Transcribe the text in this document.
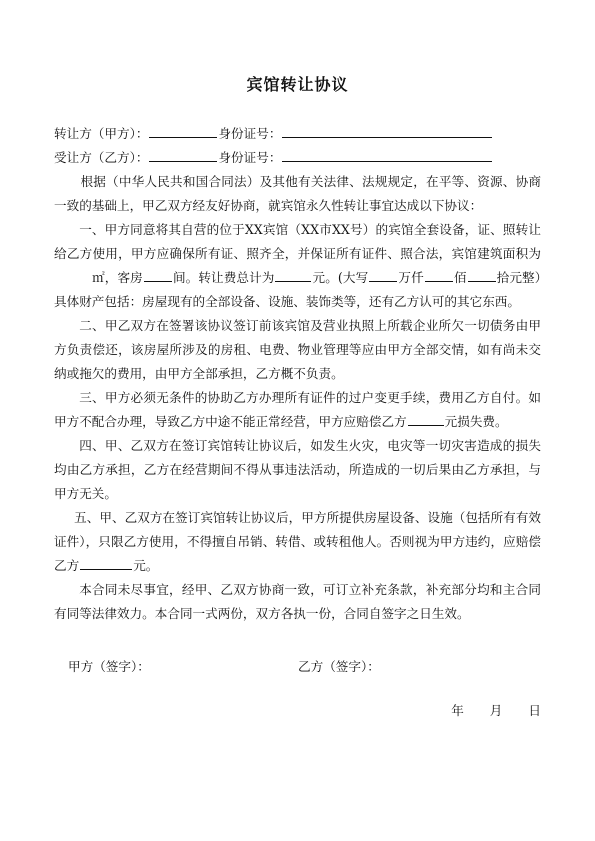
宾馆转让协议
转让方（甲方）：	身份证号：
受让方（乙方）：	身份证号：

根据（中华人民共和国合同法）及其他有关法律、法规规定，在平等、资源、协商一致的基础上，甲乙双方经友好协商，就宾馆永久性转让事宜达成以下协议：

一、甲方同意将其自营的位于XX宾馆（XX市XX号）的宾馆全套设备，证、照转让给乙方使用，甲方应确保所有证、照齐全，并保证所有证件、照合法，宾馆建筑面积为㎡，客房 间。转让费总计为	元。(大写 万仟 佰 拾元整）具体财产包括：房屋现有的全部设备、设施、装饰类等，还有乙方认可的其它东西。

二、甲乙双方在签署该协议签订前该宾馆及营业执照上所载企业所欠一切债务由甲方负责偿还，该房屋所涉及的房租、电费、物业管理等应由甲方全部交情，如有尚未交纳或拖欠的费用，由甲方全部承担，乙方概不负责。

三、甲方必须无条件的协助乙方办理所有证件的过户变更手续，费用乙方自付。如甲方不配合办理，导致乙方中途不能正常经营，甲方应赔偿乙方	元损失费。

四、甲、乙双方在签订宾馆转让协议后，如发生火灾，电灾等一切灾害造成的损失均由乙方承担，乙方在经营期间不得从事违法活动，所造成的一切后果由乙方承担，与甲方无关。

五、甲、乙双方在签订宾馆转让协议后，甲方所提供房屋设备、设施（包括所有有效证件），只限乙方使用，不得擅自吊销、转借、或转租他人。否则视为甲方违约，应赔偿乙方	元。

本合同未尽事宜，经甲、乙双方协商一致，可订立补充条款，补充部分均和主合同有同等法律效力。本合同一式两份，双方各执一份，合同自签字之日生效。

甲方（签字）：	乙方（签字）：
年 月 日
